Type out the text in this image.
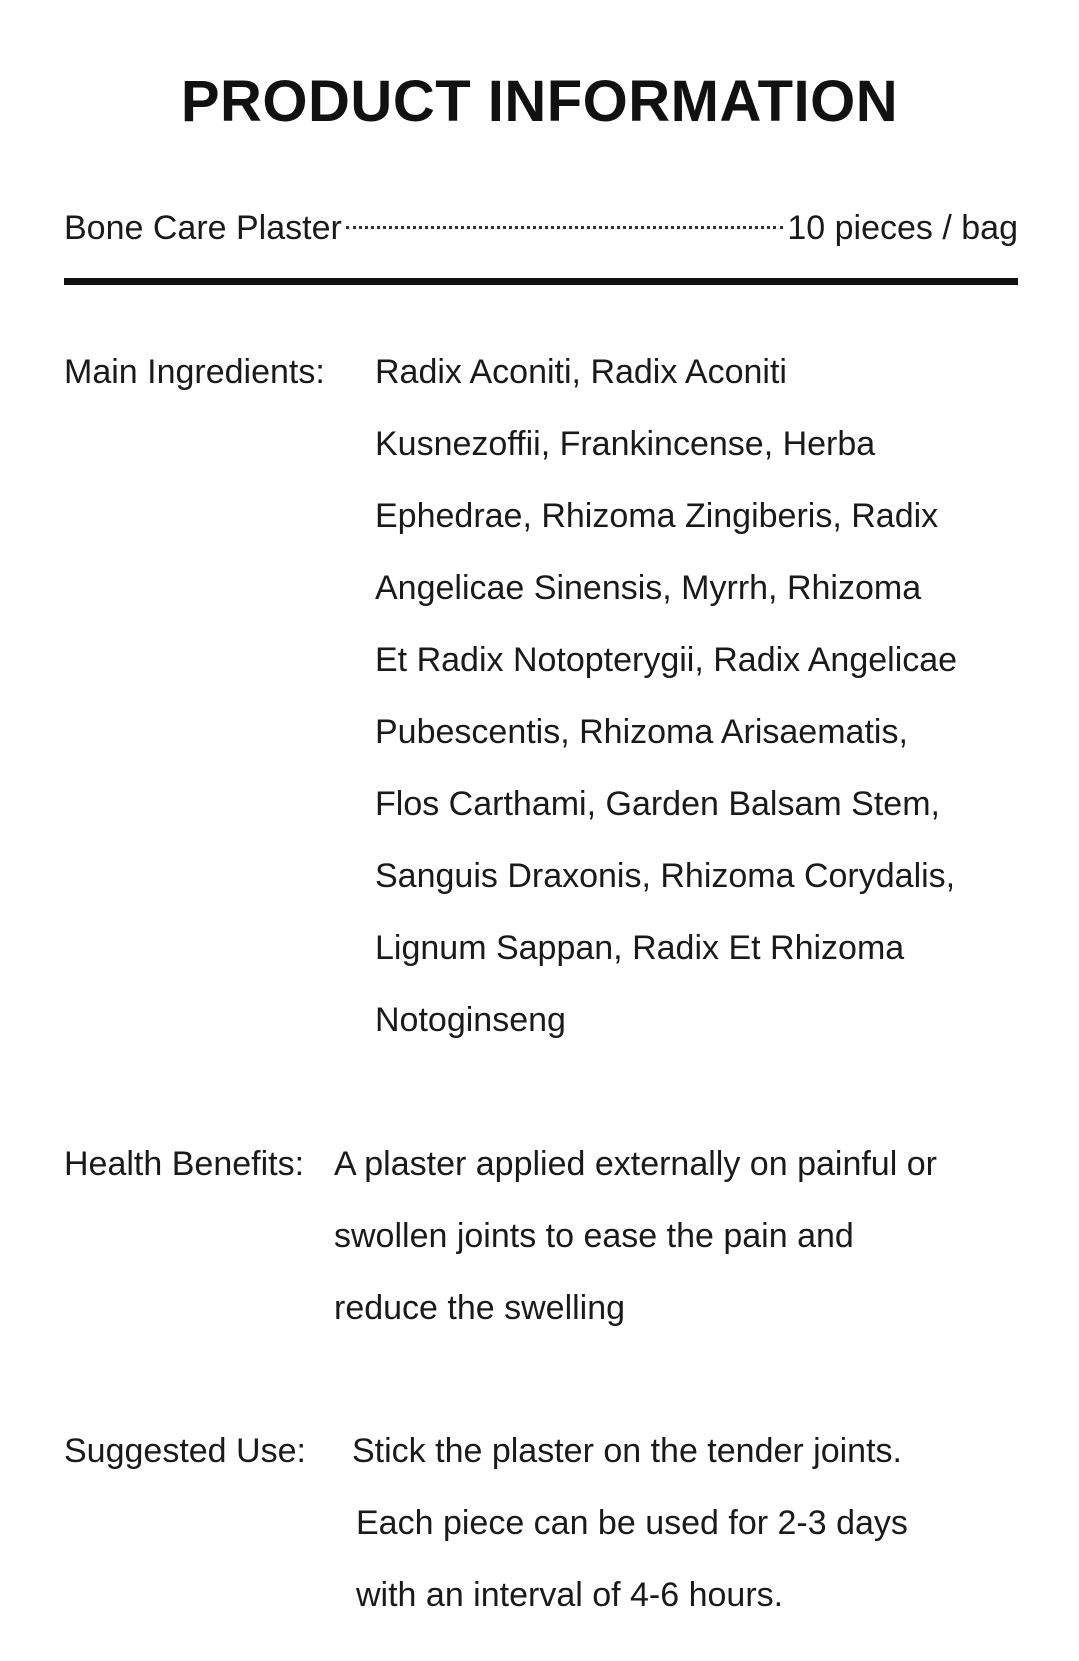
PRODUCT INFORMATION
Bone Care Plaster	10 pieces / bag
Main Ingredients: Radix Aconiti, Radix Aconiti
Kusnezoffii, Frankincense, Herba
Ephedrae, Rhizoma Zingiberis, Radix
Angelicae Sinensis, Myrrh, Rhizoma
Et Radix Notopterygii, Radix Angelicae
Pubescentis, Rhizoma Arisaematis,
Flos Carthami, Garden Balsam Stem,
Sanguis Draxonis, Rhizoma Corydalis,
Lignum Sappan, Radix Et Rhizoma
Notoginseng
Health Benefits: A plaster applied externally on painful or
swollen joints to ease the pain and
reduce the swelling
Suggested Use: Stick the plaster on the tender joints.
Each piece can be used for 2-3 days
with an interval of 4-6 hours.
